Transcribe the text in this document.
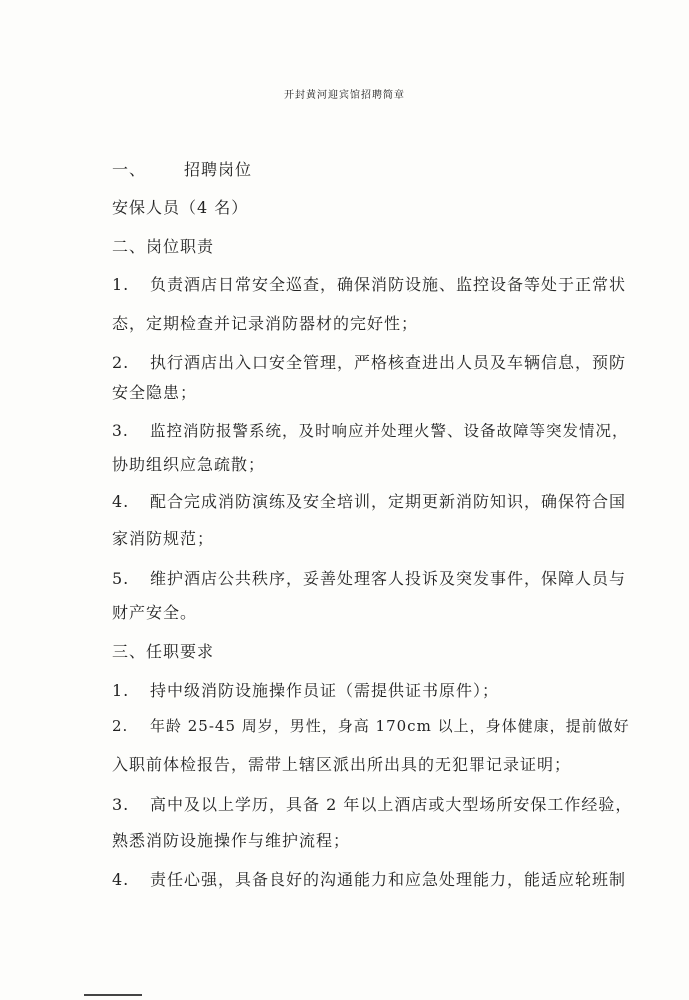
开封黄河迎宾馆招聘简章
一、 招聘岗位
安保人员（4 名）
二、岗位职责
1. 负责酒店日常安全巡查，确保消防设施、监控设备等处于正常状
态，定期检查并记录消防器材的完好性；
2. 执行酒店出入口安全管理，严格核查进出人员及车辆信息，预防
安全隐患；
3. 监控消防报警系统，及时响应并处理火警、设备故障等突发情况，
协助组织应急疏散；
4. 配合完成消防演练及安全培训，定期更新消防知识，确保符合国
家消防规范；
5. 维护酒店公共秩序，妥善处理客人投诉及突发事件，保障人员与
财产安全。
三、任职要求
1. 持中级消防设施操作员证（需提供证书原件）；
2. 年龄 25-45 周岁，男性，身高 170cm 以上，身体健康，提前做好
入职前体检报告，需带上辖区派出所出具的无犯罪记录证明；
3. 高中及以上学历，具备 2 年以上酒店或大型场所安保工作经验，
熟悉消防设施操作与维护流程；
4. 责任心强，具备良好的沟通能力和应急处理能力，能适应轮班制
